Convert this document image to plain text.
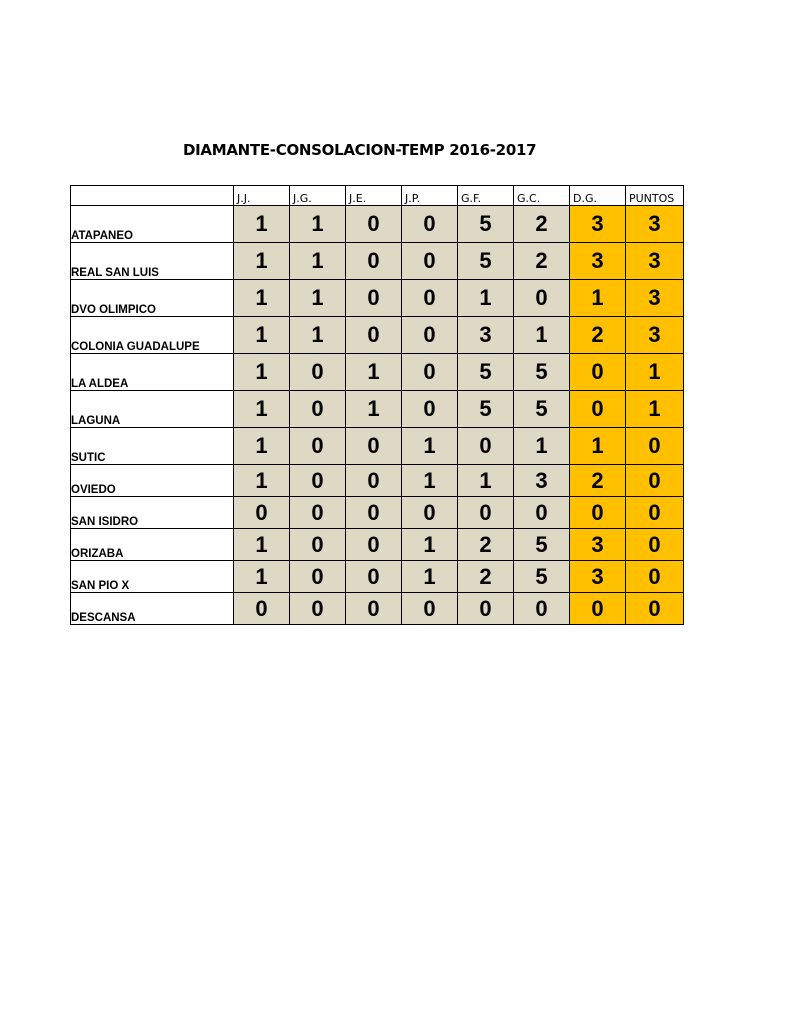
DIAMANTE-CONSOLACION-TEMP 2016-2017
	J.J.	J.G.	J.E.	J.P.	G.F.	G.C.	D.G.	PUNTOS
ATAPANEO	1	1	0	0	5	2	3	3
REAL SAN LUIS	1	1	0	0	5	2	3	3
DVO OLIMPICO	1	1	0	0	1	0	1	3
COLONIA GUADALUPE	1	1	0	0	3	1	2	3
LA ALDEA	1	0	1	0	5	5	0	1
LAGUNA	1	0	1	0	5	5	0	1
SUTIC	1	0	0	1	0	1	1	0
OVIEDO	1	0	0	1	1	3	2	0
SAN ISIDRO	0	0	0	0	0	0	0	0
ORIZABA	1	0	0	1	2	5	3	0
SAN PIO X	1	0	0	1	2	5	3	0
DESCANSA	0	0	0	0	0	0	0	0
